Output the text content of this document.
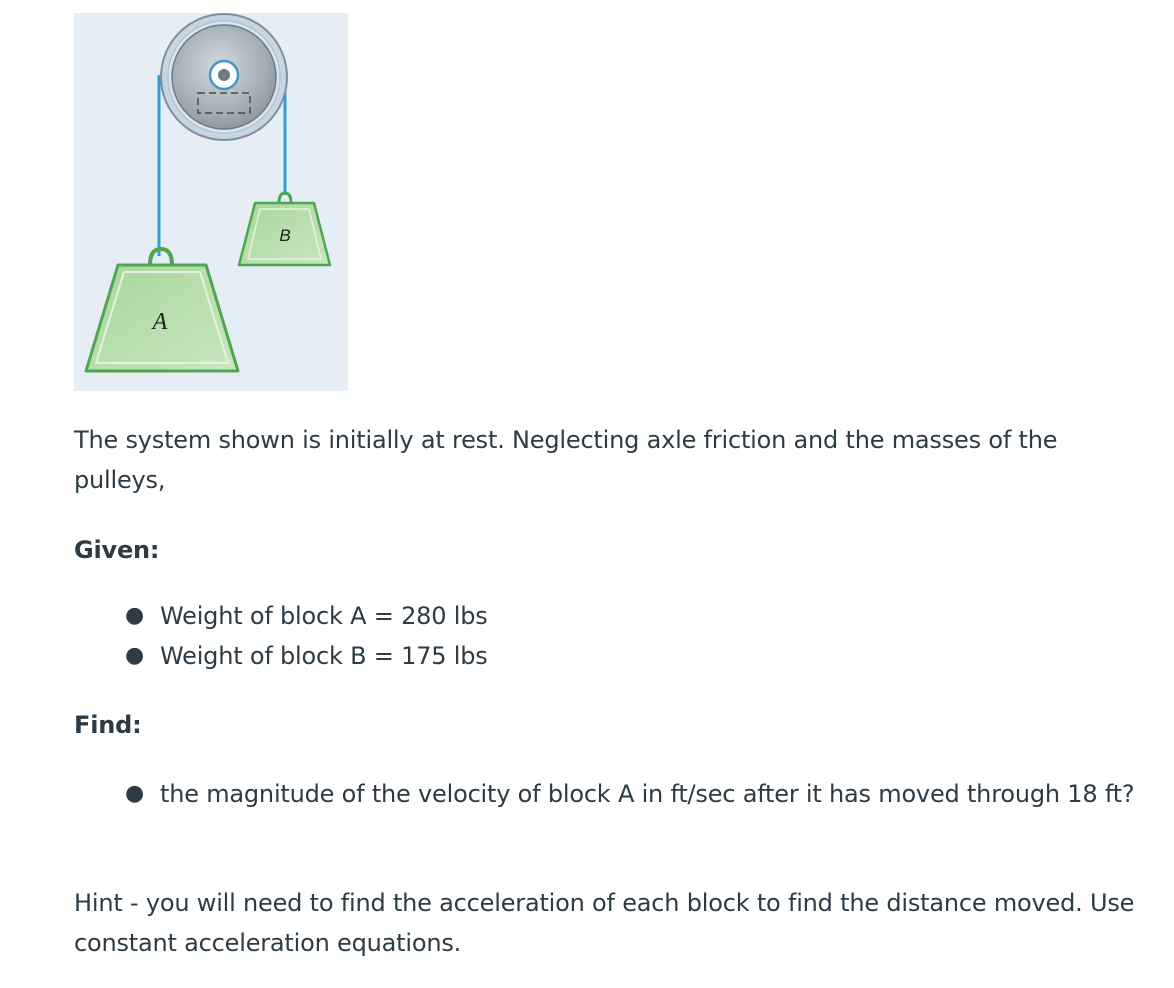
B
A
The system shown is initially at rest. Neglecting axle friction and the masses of the pulleys,
Given:
● Weight of block A = 280 lbs
● Weight of block B = 175 lbs
Find:
● the magnitude of the velocity of block A in ft/sec after it has moved through 18 ft?
Hint - you will need to find the acceleration of each block to find the distance moved. Use constant acceleration equations.
